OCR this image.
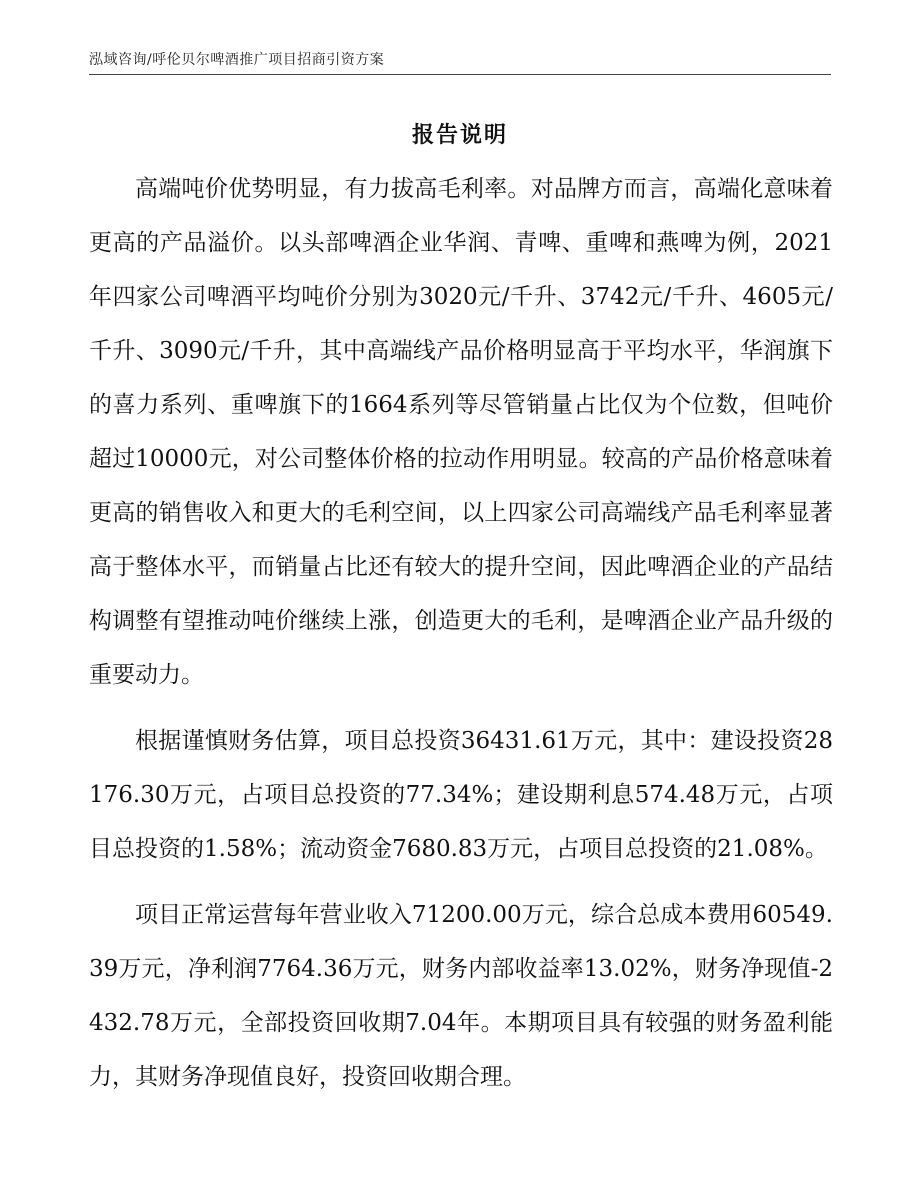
泓域咨询/呼伦贝尔啤酒推广项目招商引资方案
报告说明

高端吨价优势明显，有力拔高毛利率。对品牌方而言，高端化意味着更高的产品溢价。以头部啤酒企业华润、青啤、重啤和燕啤为例，2021年四家公司啤酒平均吨价分别为3020元/千升、3742元/千升、4605元/千升、3090元/千升，其中高端线产品价格明显高于平均水平，华润旗下的喜力系列、重啤旗下的1664系列等尽管销量占比仅为个位数，但吨价超过10000元，对公司整体价格的拉动作用明显。较高的产品价格意味着更高的销售收入和更大的毛利空间，以上四家公司高端线产品毛利率显著高于整体水平，而销量占比还有较大的提升空间，因此啤酒企业的产品结构调整有望推动吨价继续上涨，创造更大的毛利，是啤酒企业产品升级的重要动力。

根据谨慎财务估算，项目总投资36431.61万元，其中：建设投资28176.30万元，占项目总投资的77.34%；建设期利息574.48万元，占项目总投资的1.58%；流动资金7680.83万元，占项目总投资的21.08%。

项目正常运营每年营业收入71200.00万元，综合总成本费用60549.39万元，净利润7764.36万元，财务内部收益率13.02%，财务净现值-2432.78万元，全部投资回收期7.04年。本期项目具有较强的财务盈利能力，其财务净现值良好，投资回收期合理。
